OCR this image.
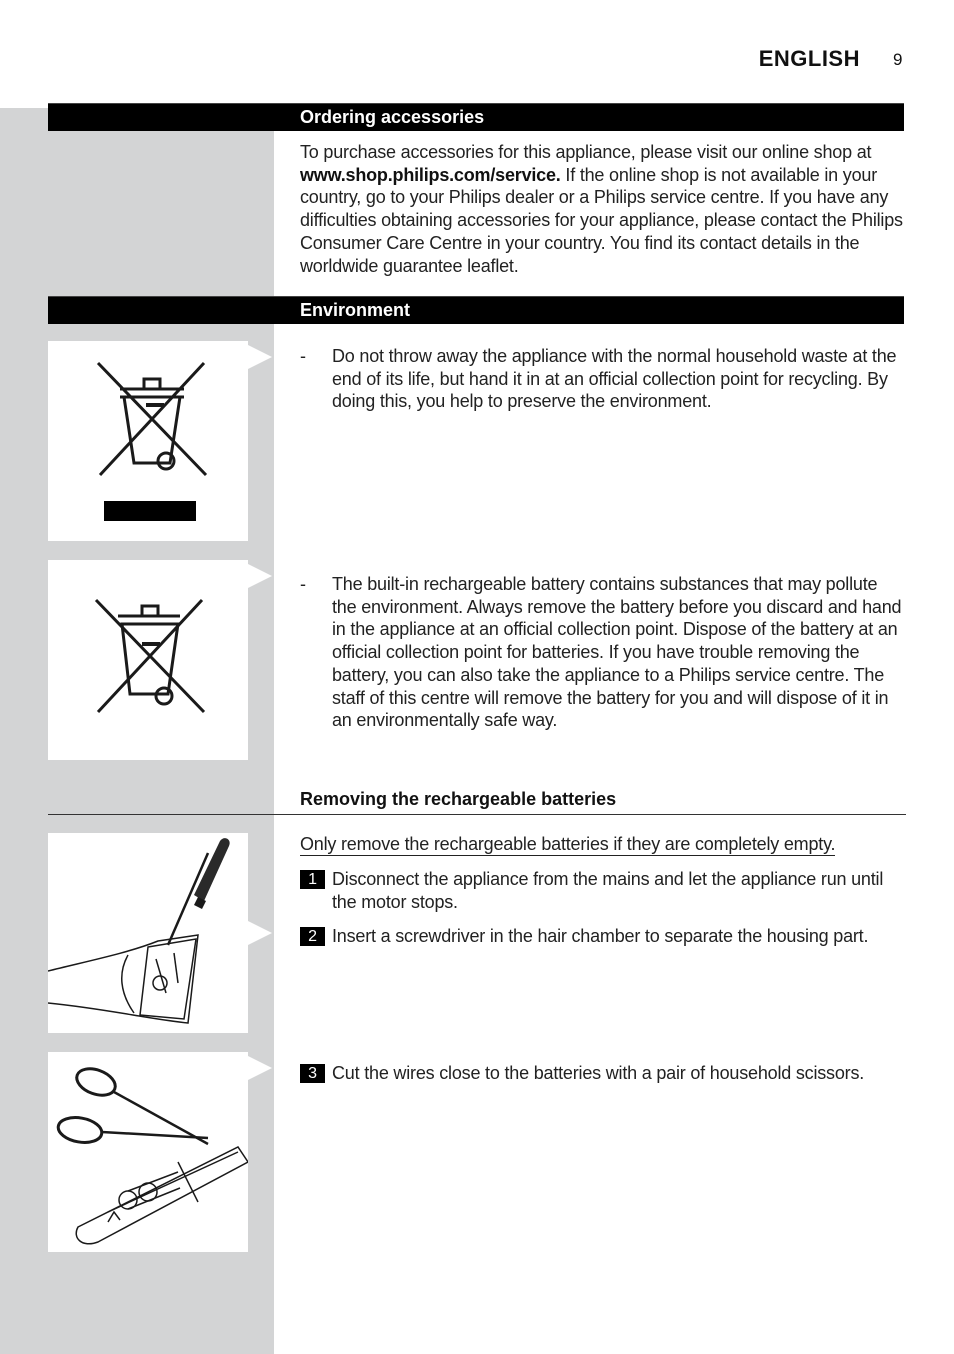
ENGLISH 9
Ordering accessories
To purchase accessories for this appliance, please visit our online shop at www.shop.philips.com/service. If the online shop is not available in your country, go to your Philips dealer or a Philips service centre. If you have any difficulties obtaining accessories for your appliance, please contact the Philips Consumer Care Centre in your country. You find its contact details in the worldwide guarantee leaflet.
Environment
- Do not throw away the appliance with the normal household waste at the end of its life, but hand it in at an official collection point for recycling. By doing this, you help to preserve the environment.
- The built-in rechargeable battery contains substances that may pollute the environment. Always remove the battery before you discard and hand in the appliance at an official collection point. Dispose of the battery at an official collection point for batteries. If you have trouble removing the battery, you can also take the appliance to a Philips service centre. The staff of this centre will remove the battery for you and will dispose of it in an environmentally safe way.
Removing the rechargeable batteries
Only remove the rechargeable batteries if they are completely empty.
1 Disconnect the appliance from the mains and let the appliance run until the motor stops.
2 Insert a screwdriver in the hair chamber to separate the housing part.
3 Cut the wires close to the batteries with a pair of household scissors.
